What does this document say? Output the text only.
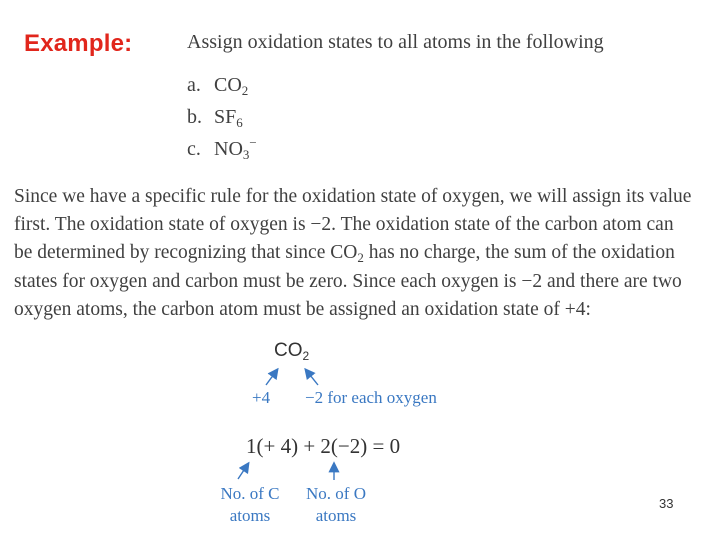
Example:	Assign oxidation states to all atoms in the following
a. $CO_2$
b. $SF_6$
c. $NO_3^-$
Since we have a specific rule for the oxidation state of oxygen, we will assign its value
first. The oxidation state of oxygen is −2. The oxidation state of the carbon atom can
be determined by recognizing that since $CO_2$ has no charge, the sum of the oxidation
states for oxygen and carbon must be zero. Since each oxygen is −2 and there are two
oxygen atoms, the carbon atom must be assigned an oxidation state of +4:
$CO_2$
+4 −2 for each oxygen
1(+ 4) + 2(−2) = 0
No. of C
atoms
No. of O
atoms
33
